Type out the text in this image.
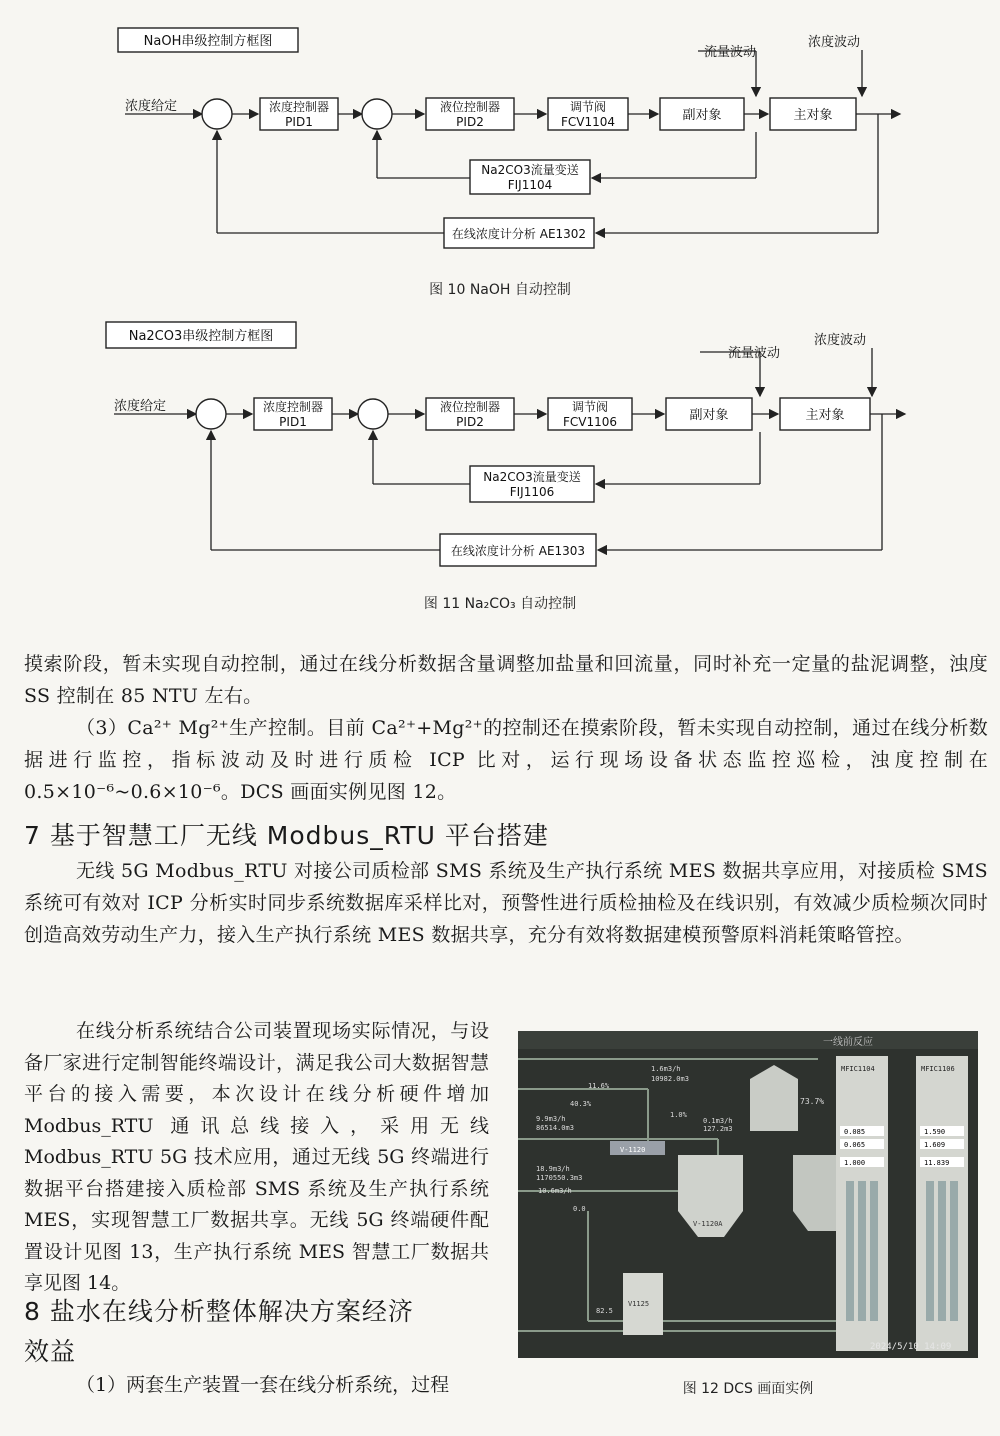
NaOH串级控制方框图
浓度给定	浓度控制器
PID1
液位控制器
PID2
调节阀
FCV1104	副对象	主对象
流量波动
浓度波动
Na2CO3流量变送
FIJ1104
在线浓度计分析 AE1302
图 10 NaOH 自动控制
Na2CO3串级控制方框图
浓度给定	浓度控制器
PID1
液位控制器
PID2
调节阀
FCV1106	副对象	主对象
流量波动
浓度波动
Na2CO3流量变送
FIJ1106
在线浓度计分析 AE1303
图 11 Na₂CO₃ 自动控制

摸索阶段，暂未实现自动控制，通过在线分析数据含量调整加盐量和回流量，同时补充一定量的盐泥调整，浊度 SS 控制在 85 NTU 左右。

（3）Ca²⁺ Mg²⁺生产控制。目前 Ca²⁺+Mg²⁺的控制还在摸索阶段，暂未实现自动控制，通过在线分析数据进行监控，指标波动及时进行质检 ICP 比对，运行现场设备状态监控巡检，浊度控制在 0.5×10⁻⁶~0.6×10⁻⁶。DCS 画面实例见图 12。

7 基于智慧工厂无线 Modbus_RTU 平台搭建

无线 5G Modbus_RTU 对接公司质检部 SMS 系统及生产执行系统 MES 数据共享应用，对接质检 SMS 系统可有效对 ICP 分析实时同步系统数据库采样比对，预警性进行质检抽检及在线识别，有效减少质检频次同时创造高效劳动生产力，接入生产执行系统 MES 数据共享，充分有效将数据建模预警原料消耗策略管控。

在线分析系统结合公司装置现场实际情况，与设备厂家进行定制智能终端设计，满足我公司大数据智慧平台的接入需要，本次设计在线分析硬件增加 Modbus_RTU 通讯总线接入，采用无线 Modbus_RTU 5G 技术应用，通过无线 5G 终端进行数据平台搭建接入质检部 SMS 系统及生产执行系统 MES，实现智慧工厂数据共享。无线 5G 终端硬件配置设计见图 13，生产执行系统 MES 智慧工厂数据共享见图 14。

8 盐水在线分析整体解决方案经济
效益

（1）两套生产装置一套在线分析系统，过程

一线前反应
V-1120
V-1120A
V1125
73.7%
11.6%
40.3%
1.0%
1.6m3/h
10982.0m3
0.1m3/h
127.2m3
9.9m3/h
86514.0m3
18.9m3/h
1170550.3m3
10.6m3/h
0.0
82.5
MFIC1104	MFIC1106
0.085
0.065
1.000
1.590
1.609
11.839
2024/5/10 14:09
图 12 DCS 画面实例
